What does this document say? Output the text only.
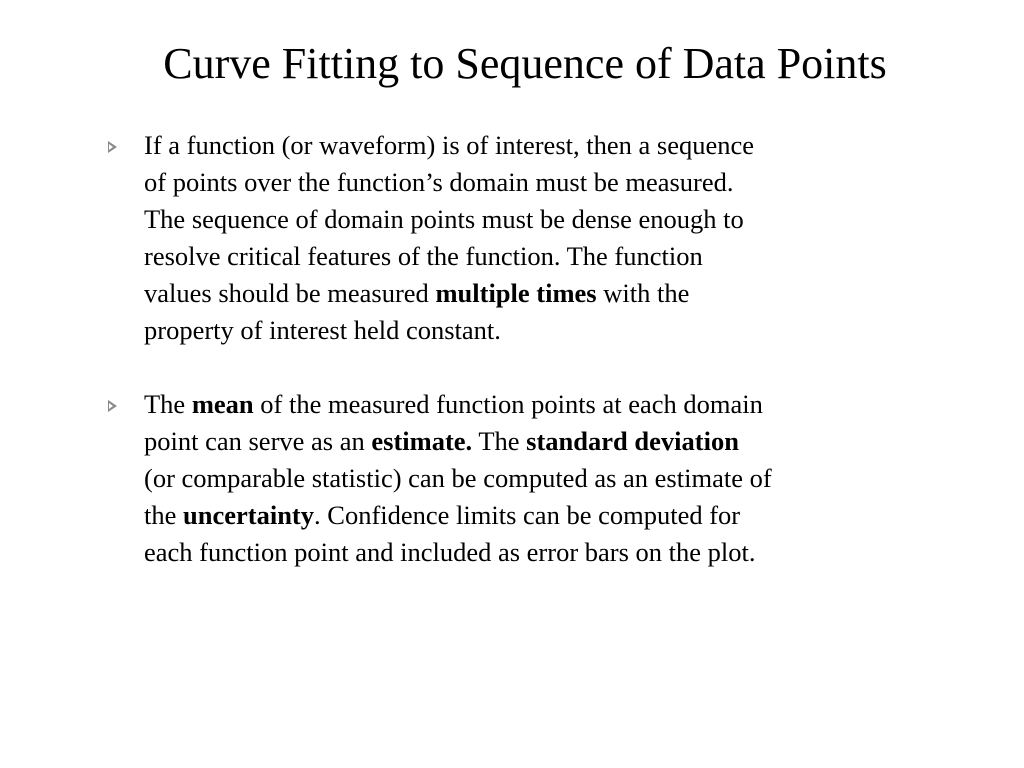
Curve Fitting to Sequence of Data Points
If a function (or waveform) is of interest, then a sequence
of points over the function’s domain must be measured.
The sequence of domain points must be dense enough to
resolve critical features of the function. The function
values should be measured multiple times with the
property of interest held constant.
The mean of the measured function points at each domain
point can serve as an estimate. The standard deviation
(or comparable statistic) can be computed as an estimate of
the uncertainty. Confidence limits can be computed for
each function point and included as error bars on the plot.
